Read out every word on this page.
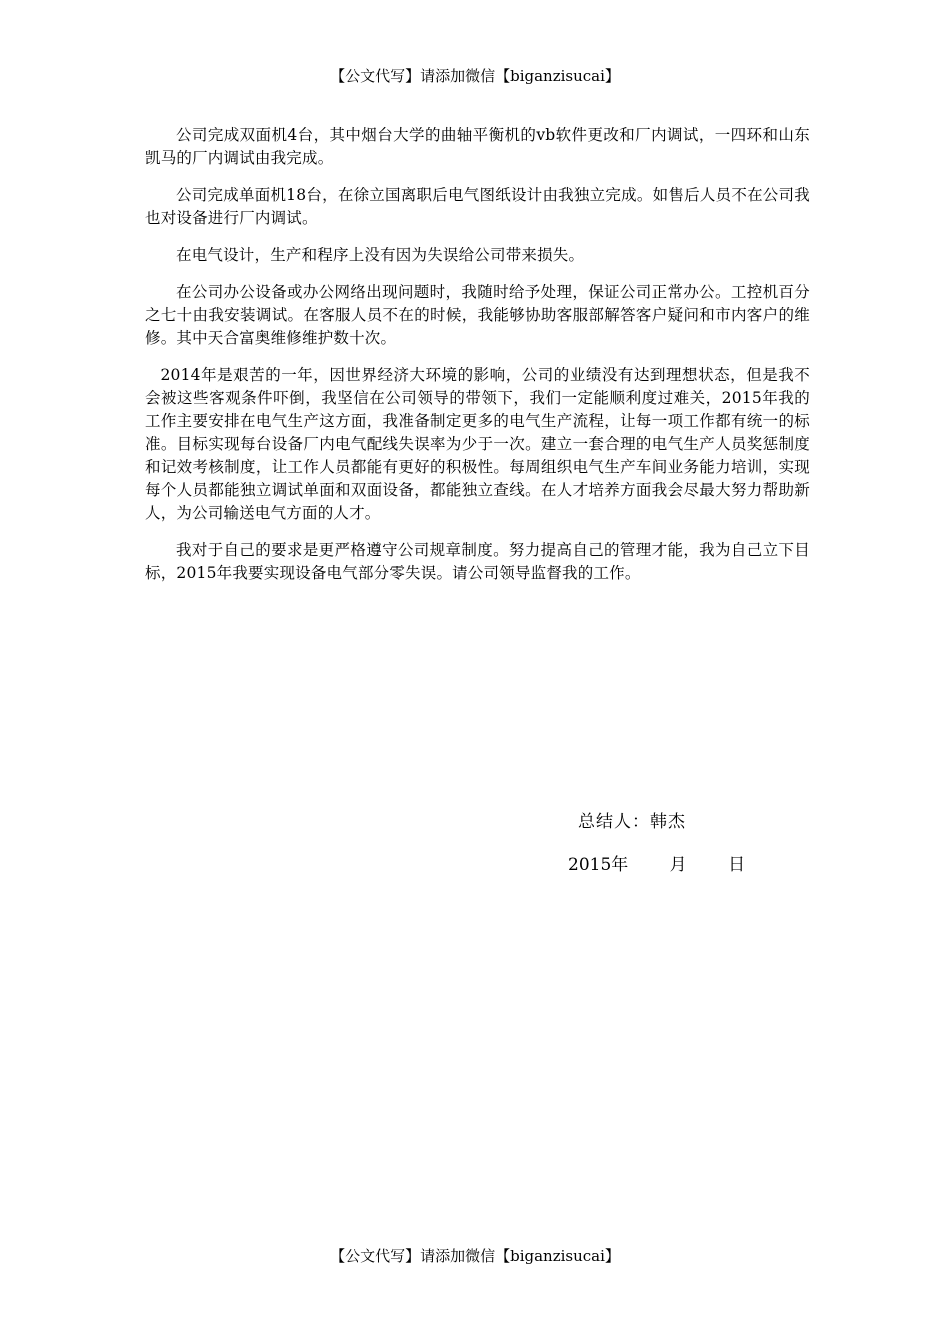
【公文代写】请添加微信【biganzisucai】

公司完成双面机4台，其中烟台大学的曲轴平衡机的vb软件更改和厂内调试，一四环和山东凯马的厂内调试由我完成。

公司完成单面机18台，在徐立国离职后电气图纸设计由我独立完成。如售后人员不在公司我也对设备进行厂内调试。

在电气设计，生产和程序上没有因为失误给公司带来损失。

在公司办公设备或办公网络出现问题时，我随时给予处理，保证公司正常办公。工控机百分之七十由我安装调试。在客服人员不在的时候，我能够协助客服部解答客户疑问和市内客户的维修。其中天合富奥维修维护数十次。

2014年是艰苦的一年，因世界经济大环境的影响，公司的业绩没有达到理想状态，但是我不会被这些客观条件吓倒，我坚信在公司领导的带领下，我们一定能顺利度过难关，2015年我的工作主要安排在电气生产这方面，我准备制定更多的电气生产流程，让每一项工作都有统一的标准。目标实现每台设备厂内电气配线失误率为少于一次。建立一套合理的电气生产人员奖惩制度和记效考核制度，让工作人员都能有更好的积极性。每周组织电气生产车间业务能力培训，实现每个人员都能独立调试单面和双面设备，都能独立查线。在人才培养方面我会尽最大努力帮助新人，为公司输送电气方面的人才。

我对于自己的要求是更严格遵守公司规章制度。努力提高自己的管理才能，我为自己立下目标，2015年我要实现设备电气部分零失误。请公司领导监督我的工作。

总结人：韩杰
2015年 月 日
【公文代写】请添加微信【biganzisucai】
